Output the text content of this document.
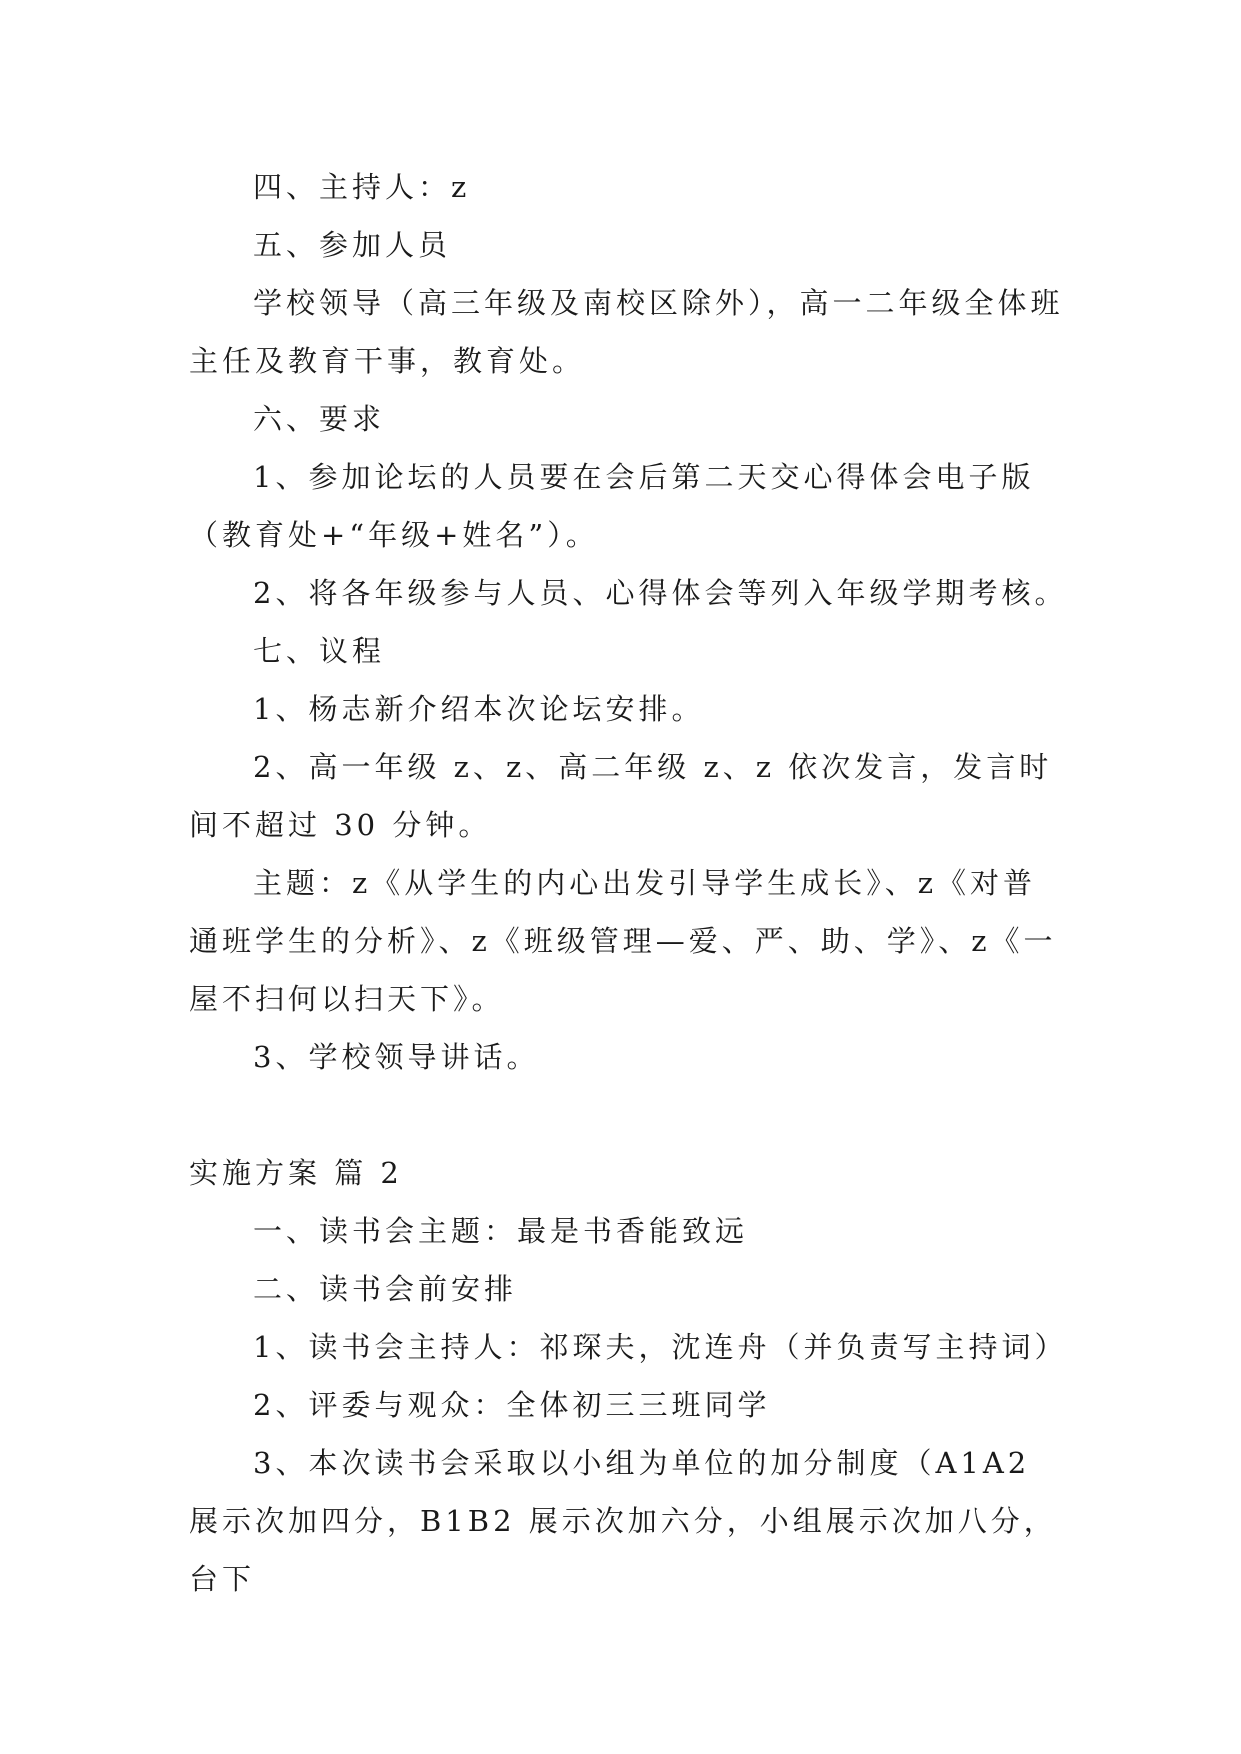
四、主持人：z

五、参加人员

学校领导（高三年级及南校区除外），高一二年级全体班主任及教育干事，教育处。

六、要求

1、参加论坛的人员要在会后第二天交心得体会电子版（教育处+“年级+姓名”）。

2、将各年级参与人员、心得体会等列入年级学期考核。

七、议程

1、杨志新介绍本次论坛安排。

2、高一年级 z、z、高二年级 z、z 依次发言，发言时间不超过 30 分钟。

主题：z《从学生的内心出发引导学生成长》、z《对普通班学生的分析》、z《班级管理—爱、严、助、学》、z《一屋不扫何以扫天下》。

3、学校领导讲话。

实施方案 篇 2

一、读书会主题：最是书香能致远

二、读书会前安排

1、读书会主持人：祁琛夫，沈连舟（并负责写主持词）

2、评委与观众：全体初三三班同学

3、本次读书会采取以小组为单位的加分制度（A1A2 展示次加四分，B1B2 展示次加六分，小组展示次加八分，台下
